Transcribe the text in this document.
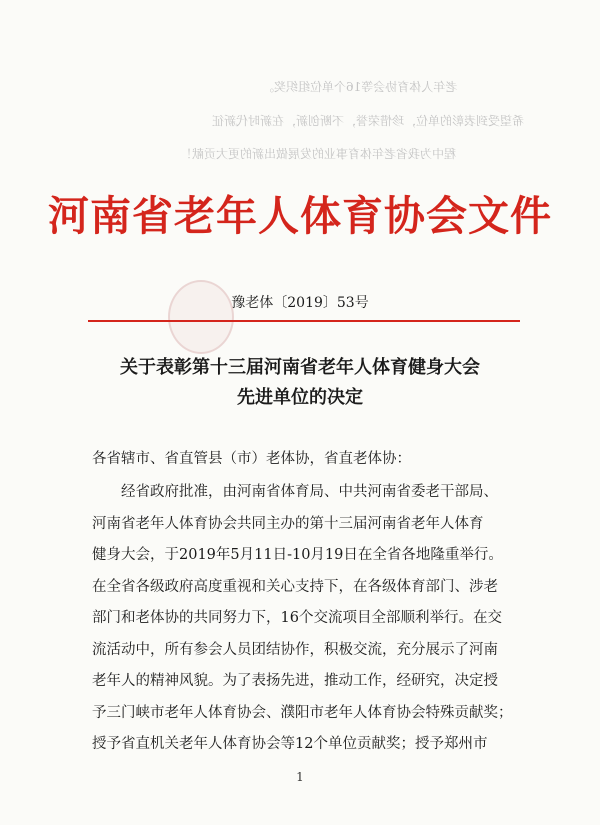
老年人体育协会等16个单位组织奖。
希望受到表彰的单位，珍惜荣誉，不断创新，在新时代新征
程中为我省老年体育事业的发展做出新的更大贡献！
河南省老年人体育协会文件
豫老体〔2019〕53号
关于表彰第十三届河南省老年人体育健身大会
先进单位的决定
各省辖市、省直管县（市）老体协，省直老体协：
经省政府批准，由河南省体育局、中共河南省委老干部局、
河南省老年人体育协会共同主办的第十三届河南省老年人体育
健身大会，于2019年5月11日-10月19日在全省各地隆重举行。
在全省各级政府高度重视和关心支持下，在各级体育部门、涉老
部门和老体协的共同努力下，16个交流项目全部顺利举行。在交
流活动中，所有参会人员团结协作，积极交流，充分展示了河南
老年人的精神风貌。为了表扬先进，推动工作，经研究，决定授
予三门峡市老年人体育协会、濮阳市老年人体育协会特殊贡献奖；
授予省直机关老年人体育协会等12个单位贡献奖；授予郑州市
1
